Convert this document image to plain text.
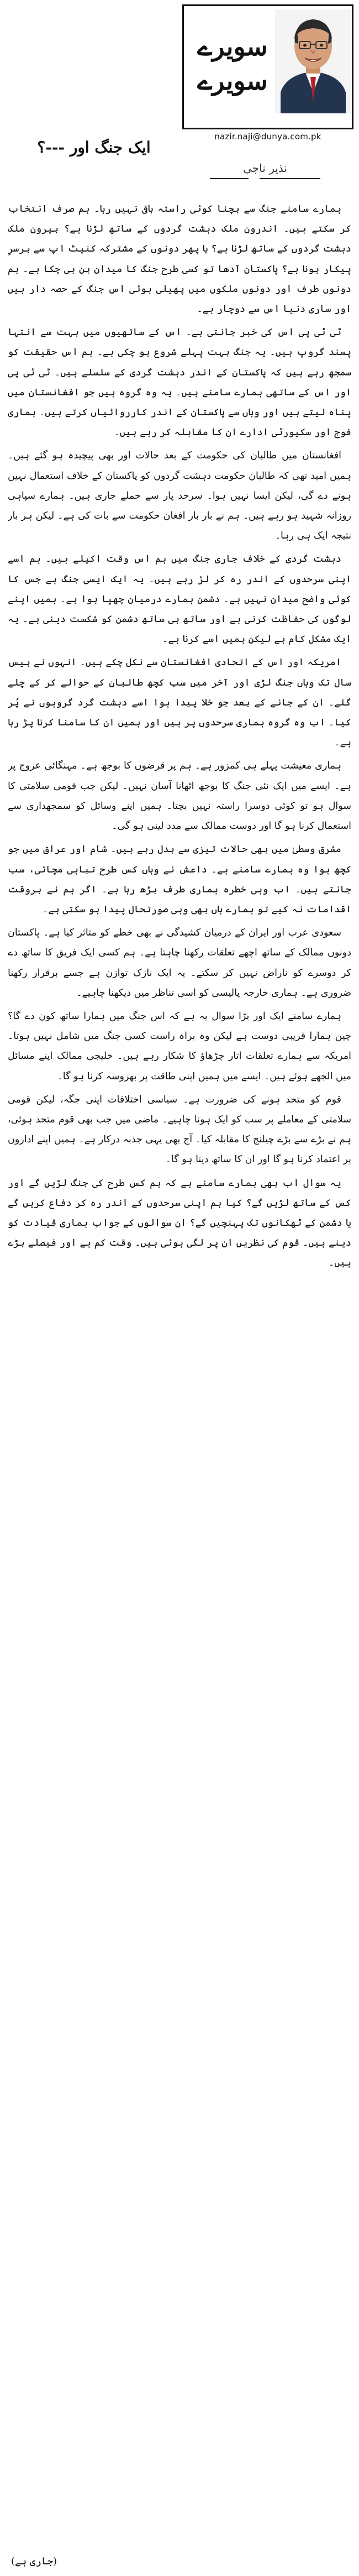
سویرے
سویرے
nazir.naji@dunya.com.pk
ایک جنگ اور ---؟
نذیر ناجی

ہمارے سامنے جنگ سے بچنا کوئی راستہ باقی نہیں رہا۔ ہم صرف انتخاب کر سکتے ہیں۔ اندرون ملک دہشت گردوں کے ساتھ لڑنا ہے؟ بیرون ملک دہشت گردوں کے ساتھ لڑنا ہے؟ یا پھر دونوں کے مشترکہ کنیٹ اپ سے برسرِ پیکار ہونا ہے؟ پاکستان آدھا تو کسی طرح جنگ کا میدان بن ہی چکا ہے۔ ہم دونوں طرف اور دونوں ملکوں میں پھیلی ہوئی اس جنگ کے حصہ دار ہیں اور ساری دنیا اس سے دوچار ہے۔

ٹی ٹی پی اس کی خبر جانتی ہے۔ اس کے ساتھیوں میں بہت سے انتہا پسند گروپ ہیں۔ یہ جنگ بہت پہلے شروع ہو چکی ہے۔ ہم اس حقیقت کو سمجھ رہے ہیں کہ پاکستان کے اندر دہشت گردی کے سلسلے ہیں۔ ٹی ٹی پی اور اس کے ساتھی ہمارے سامنے ہیں۔ یہ وہ گروہ ہیں جو افغانستان میں پناہ لیتے ہیں اور وہاں سے پاکستان کے اندر کارروائیاں کرتے ہیں۔ ہماری فوج اور سکیورٹی ادارے ان کا مقابلہ کر رہے ہیں۔

افغانستان میں طالبان کی حکومت کے بعد حالات اور بھی پیچیدہ ہو گئے ہیں۔ ہمیں امید تھی کہ طالبان حکومت دہشت گردوں کو پاکستان کے خلاف استعمال نہیں ہونے دے گی، لیکن ایسا نہیں ہوا۔ سرحد پار سے حملے جاری ہیں۔ ہمارے سپاہی روزانہ شہید ہو رہے ہیں۔ ہم نے بار بار افغان حکومت سے بات کی ہے۔ لیکن ہر بار نتیجہ ایک ہی رہا۔

دہشت گردی کے خلاف جاری جنگ میں ہم اس وقت اکیلے ہیں۔ ہم اسے اپنی سرحدوں کے اندر رہ کر لڑ رہے ہیں۔ یہ ایک ایسی جنگ ہے جس کا کوئی واضح میدان نہیں ہے۔ دشمن ہمارے درمیان چھپا ہوا ہے۔ ہمیں اپنے لوگوں کی حفاظت کرنی ہے اور ساتھ ہی ساتھ دشمن کو شکست دینی ہے۔ یہ ایک مشکل کام ہے لیکن ہمیں اسے کرنا ہے۔

امریکہ اور اس کے اتحادی افغانستان سے نکل چکے ہیں۔ انہوں نے بیس سال تک وہاں جنگ لڑی اور آخر میں سب کچھ طالبان کے حوالے کر کے چلے گئے۔ ان کے جانے کے بعد جو خلا پیدا ہوا اسے دہشت گرد گروہوں نے پُر کیا۔ اب وہ گروہ ہماری سرحدوں پر ہیں اور ہمیں ان کا سامنا کرنا پڑ رہا ہے۔

ہماری معیشت پہلے ہی کمزور ہے۔ ہم پر قرضوں کا بوجھ ہے۔ مہنگائی عروج پر ہے۔ ایسے میں ایک نئی جنگ کا بوجھ اٹھانا آسان نہیں۔ لیکن جب قومی سلامتی کا سوال ہو تو کوئی دوسرا راستہ نہیں بچتا۔ ہمیں اپنے وسائل کو سمجھداری سے استعمال کرنا ہو گا اور دوست ممالک سے مدد لینی ہو گی۔

مشرق وسطیٰ میں بھی حالات تیزی سے بدل رہے ہیں۔ شام اور عراق میں جو کچھ ہوا وہ ہمارے سامنے ہے۔ داعش نے وہاں کس طرح تباہی مچائی، سب جانتے ہیں۔ اب وہی خطرہ ہماری طرف بڑھ رہا ہے۔ اگر ہم نے بروقت اقدامات نہ کیے تو ہمارے ہاں بھی وہی صورتحال پیدا ہو سکتی ہے۔

سعودی عرب اور ایران کے درمیان کشیدگی نے بھی خطے کو متاثر کیا ہے۔ پاکستان دونوں ممالک کے ساتھ اچھے تعلقات رکھنا چاہتا ہے۔ ہم کسی ایک فریق کا ساتھ دے کر دوسرے کو ناراض نہیں کر سکتے۔ یہ ایک نازک توازن ہے جسے برقرار رکھنا ضروری ہے۔ ہماری خارجہ پالیسی کو اسی تناظر میں دیکھنا چاہیے۔

ہمارے سامنے ایک اور بڑا سوال یہ ہے کہ اس جنگ میں ہمارا ساتھ کون دے گا؟ چین ہمارا قریبی دوست ہے لیکن وہ براہ راست کسی جنگ میں شامل نہیں ہوتا۔ امریکہ سے ہمارے تعلقات اتار چڑھاؤ کا شکار رہے ہیں۔ خلیجی ممالک اپنے مسائل میں الجھے ہوئے ہیں۔ ایسے میں ہمیں اپنی طاقت پر بھروسہ کرنا ہو گا۔

قوم کو متحد ہونے کی ضرورت ہے۔ سیاسی اختلافات اپنی جگہ، لیکن قومی سلامتی کے معاملے پر سب کو ایک ہونا چاہیے۔ ماضی میں جب بھی قوم متحد ہوئی، ہم نے بڑے سے بڑے چیلنج کا مقابلہ کیا۔ آج بھی یہی جذبہ درکار ہے۔ ہمیں اپنے اداروں پر اعتماد کرنا ہو گا اور ان کا ساتھ دینا ہو گا۔

یہ سوال اب بھی ہمارے سامنے ہے کہ ہم کس طرح کی جنگ لڑیں گے اور کس کے ساتھ لڑیں گے؟ کیا ہم اپنی سرحدوں کے اندر رہ کر دفاع کریں گے یا دشمن کے ٹھکانوں تک پہنچیں گے؟ ان سوالوں کے جواب ہماری قیادت کو دینے ہیں۔ قوم کی نظریں ان پر لگی ہوئی ہیں۔ وقت کم ہے اور فیصلے بڑے ہیں۔

(جاری ہے)
